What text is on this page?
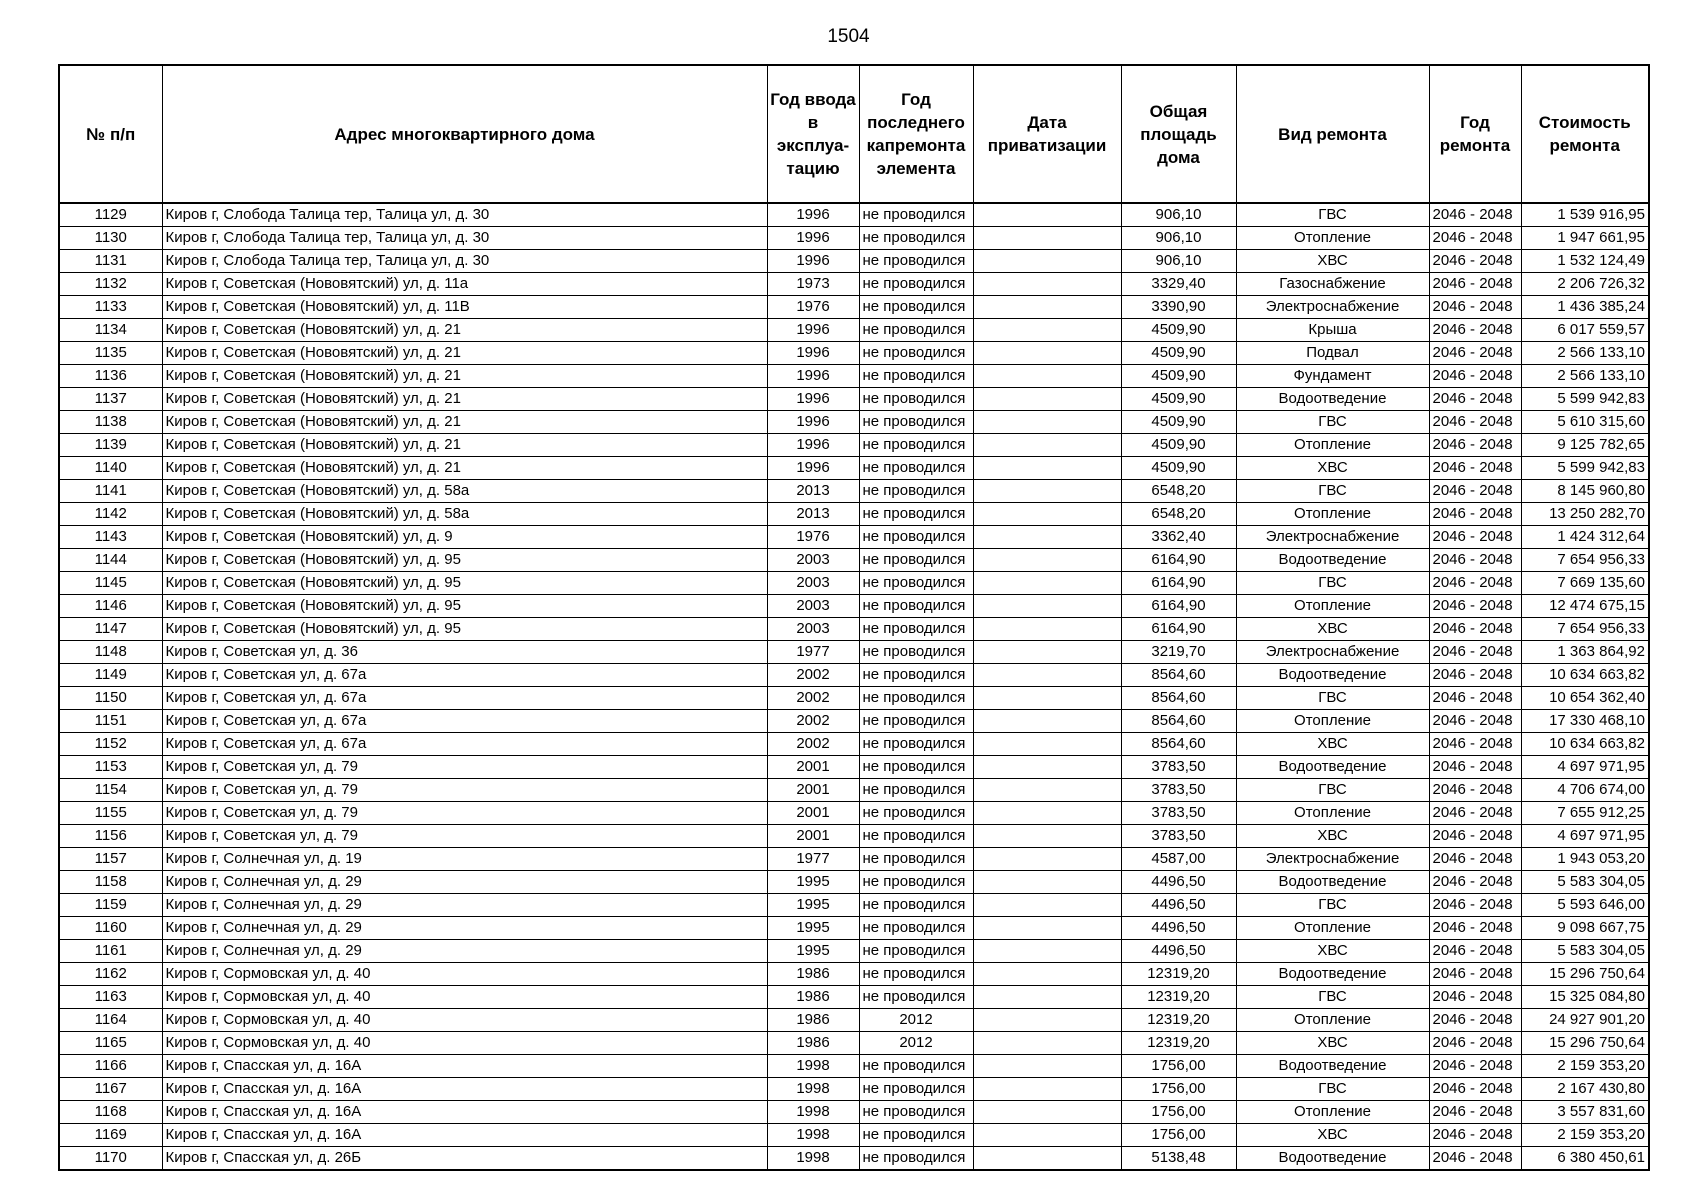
1504
№ п/п	Адрес многоквартирного дома	Год ввода в эксплуа-тацию	Год последнего капремонта элемента	Дата приватизации	Общая площадь дома	Вид ремонта	Год ремонта	Стоимость ремонта
1129	Киров г, Слобода Талица тер, Талица ул, д. 30	1996	не проводился		906,10	ГВС	2046 - 2048	1 539 916,95
1130	Киров г, Слобода Талица тер, Талица ул, д. 30	1996	не проводился		906,10	Отопление	2046 - 2048	1 947 661,95
1131	Киров г, Слобода Талица тер, Талица ул, д. 30	1996	не проводился		906,10	ХВС	2046 - 2048	1 532 124,49
1132	Киров г, Советская (Нововятский) ул, д. 11а	1973	не проводился		3329,40	Газоснабжение	2046 - 2048	2 206 726,32
1133	Киров г, Советская (Нововятский) ул, д. 11В	1976	не проводился		3390,90	Электроснабжение	2046 - 2048	1 436 385,24
1134	Киров г, Советская (Нововятский) ул, д. 21	1996	не проводился		4509,90	Крыша	2046 - 2048	6 017 559,57
1135	Киров г, Советская (Нововятский) ул, д. 21	1996	не проводился		4509,90	Подвал	2046 - 2048	2 566 133,10
1136	Киров г, Советская (Нововятский) ул, д. 21	1996	не проводился		4509,90	Фундамент	2046 - 2048	2 566 133,10
1137	Киров г, Советская (Нововятский) ул, д. 21	1996	не проводился		4509,90	Водоотведение	2046 - 2048	5 599 942,83
1138	Киров г, Советская (Нововятский) ул, д. 21	1996	не проводился		4509,90	ГВС	2046 - 2048	5 610 315,60
1139	Киров г, Советская (Нововятский) ул, д. 21	1996	не проводился		4509,90	Отопление	2046 - 2048	9 125 782,65
1140	Киров г, Советская (Нововятский) ул, д. 21	1996	не проводился		4509,90	ХВС	2046 - 2048	5 599 942,83
1141	Киров г, Советская (Нововятский) ул, д. 58а	2013	не проводился		6548,20	ГВС	2046 - 2048	8 145 960,80
1142	Киров г, Советская (Нововятский) ул, д. 58а	2013	не проводился		6548,20	Отопление	2046 - 2048	13 250 282,70
1143	Киров г, Советская (Нововятский) ул, д. 9	1976	не проводился		3362,40	Электроснабжение	2046 - 2048	1 424 312,64
1144	Киров г, Советская (Нововятский) ул, д. 95	2003	не проводился		6164,90	Водоотведение	2046 - 2048	7 654 956,33
1145	Киров г, Советская (Нововятский) ул, д. 95	2003	не проводился		6164,90	ГВС	2046 - 2048	7 669 135,60
1146	Киров г, Советская (Нововятский) ул, д. 95	2003	не проводился		6164,90	Отопление	2046 - 2048	12 474 675,15
1147	Киров г, Советская (Нововятский) ул, д. 95	2003	не проводился		6164,90	ХВС	2046 - 2048	7 654 956,33
1148	Киров г, Советская ул, д. 36	1977	не проводился		3219,70	Электроснабжение	2046 - 2048	1 363 864,92
1149	Киров г, Советская ул, д. 67а	2002	не проводился		8564,60	Водоотведение	2046 - 2048	10 634 663,82
1150	Киров г, Советская ул, д. 67а	2002	не проводился		8564,60	ГВС	2046 - 2048	10 654 362,40
1151	Киров г, Советская ул, д. 67а	2002	не проводился		8564,60	Отопление	2046 - 2048	17 330 468,10
1152	Киров г, Советская ул, д. 67а	2002	не проводился		8564,60	ХВС	2046 - 2048	10 634 663,82
1153	Киров г, Советская ул, д. 79	2001	не проводился		3783,50	Водоотведение	2046 - 2048	4 697 971,95
1154	Киров г, Советская ул, д. 79	2001	не проводился		3783,50	ГВС	2046 - 2048	4 706 674,00
1155	Киров г, Советская ул, д. 79	2001	не проводился		3783,50	Отопление	2046 - 2048	7 655 912,25
1156	Киров г, Советская ул, д. 79	2001	не проводился		3783,50	ХВС	2046 - 2048	4 697 971,95
1157	Киров г, Солнечная ул, д. 19	1977	не проводился		4587,00	Электроснабжение	2046 - 2048	1 943 053,20
1158	Киров г, Солнечная ул, д. 29	1995	не проводился		4496,50	Водоотведение	2046 - 2048	5 583 304,05
1159	Киров г, Солнечная ул, д. 29	1995	не проводился		4496,50	ГВС	2046 - 2048	5 593 646,00
1160	Киров г, Солнечная ул, д. 29	1995	не проводился		4496,50	Отопление	2046 - 2048	9 098 667,75
1161	Киров г, Солнечная ул, д. 29	1995	не проводился		4496,50	ХВС	2046 - 2048	5 583 304,05
1162	Киров г, Сормовская ул, д. 40	1986	не проводился		12319,20	Водоотведение	2046 - 2048	15 296 750,64
1163	Киров г, Сормовская ул, д. 40	1986	не проводился		12319,20	ГВС	2046 - 2048	15 325 084,80
1164	Киров г, Сормовская ул, д. 40	1986	2012		12319,20	Отопление	2046 - 2048	24 927 901,20
1165	Киров г, Сормовская ул, д. 40	1986	2012		12319,20	ХВС	2046 - 2048	15 296 750,64
1166	Киров г, Спасская ул, д. 16А	1998	не проводился		1756,00	Водоотведение	2046 - 2048	2 159 353,20
1167	Киров г, Спасская ул, д. 16А	1998	не проводился		1756,00	ГВС	2046 - 2048	2 167 430,80
1168	Киров г, Спасская ул, д. 16А	1998	не проводился		1756,00	Отопление	2046 - 2048	3 557 831,60
1169	Киров г, Спасская ул, д. 16А	1998	не проводился		1756,00	ХВС	2046 - 2048	2 159 353,20
1170	Киров г, Спасская ул, д. 26Б	1998	не проводился		5138,48	Водоотведение	2046 - 2048	6 380 450,61
